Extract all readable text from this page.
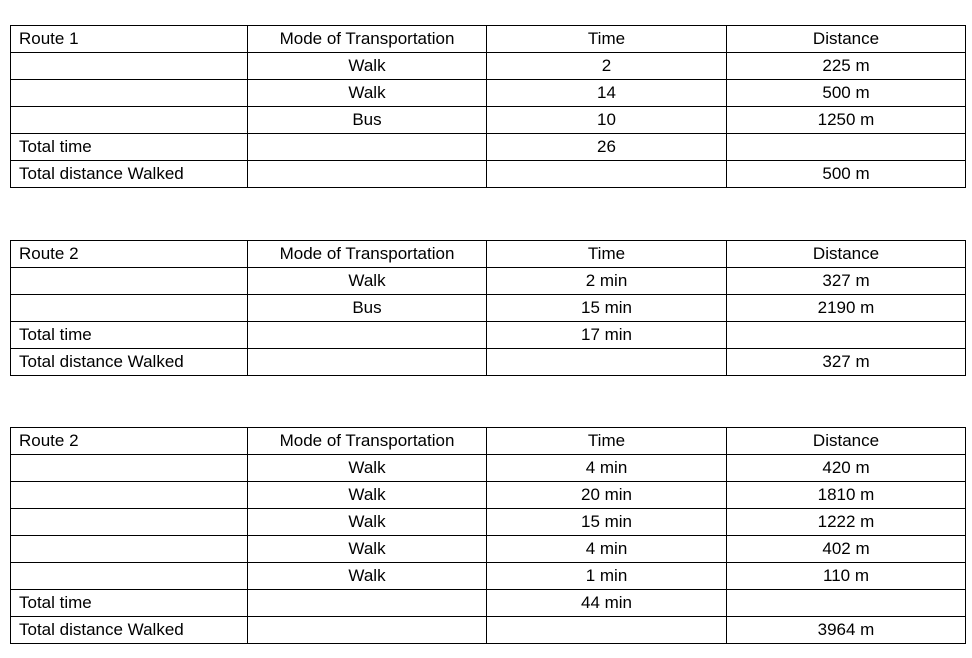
Route 1	Mode of Transportation	Time	Distance
	Walk	2	225 m
	Walk	14	500 m
	Bus	10	1250 m
Total time		26	
Total distance Walked			500 m
Route 2	Mode of Transportation	Time	Distance
	Walk	2 min	327 m
	Bus	15 min	2190 m
Total time		17 min	
Total distance Walked			327 m
Route 2	Mode of Transportation	Time	Distance
	Walk	4 min	420 m
	Walk	20 min	1810 m
	Walk	15 min	1222 m
	Walk	4 min	402 m
	Walk	1 min	110 m
Total time		44 min	
Total distance Walked			3964 m
